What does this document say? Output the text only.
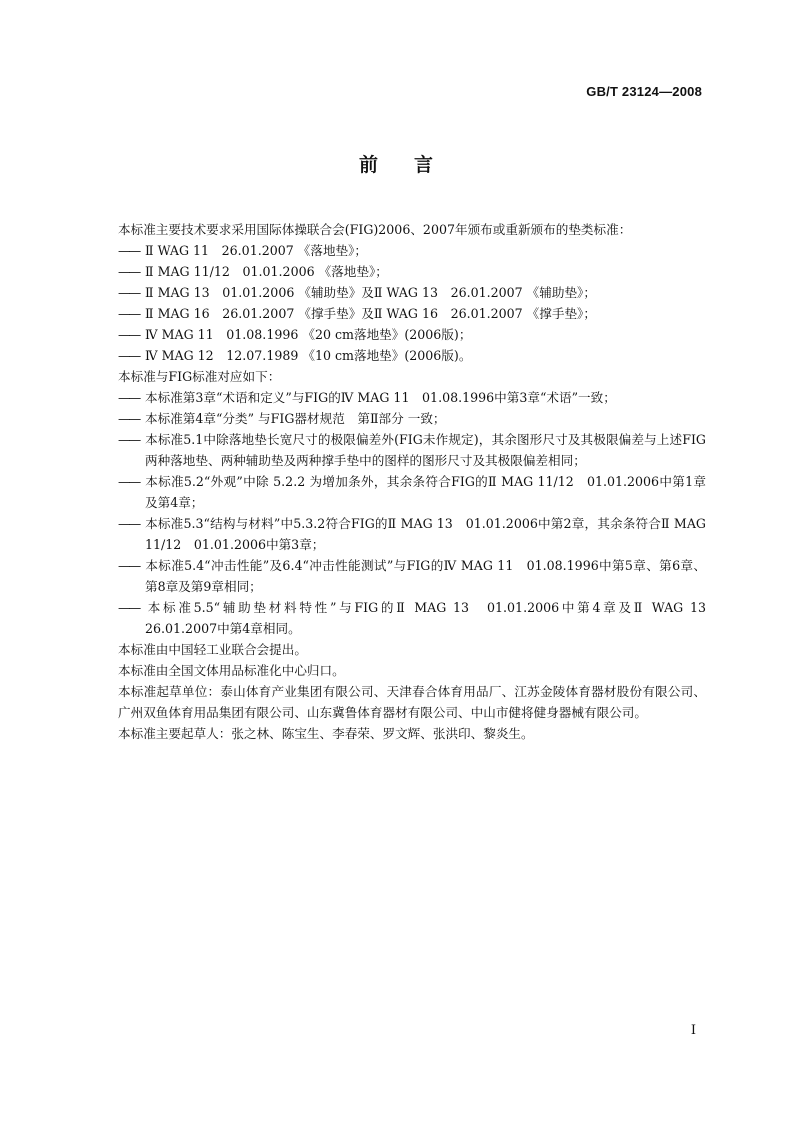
GB/T 23124—2008

前 言

本标准主要技术要求采用国际体操联合会(FIG)2006、2007年颁布或重新颁布的垫类标准：

—— Ⅱ WAG 11　26.01.2007 《落地垫》；

—— Ⅱ MAG 11/12　01.01.2006 《落地垫》；

—— Ⅱ MAG 13　01.01.2006 《辅助垫》及Ⅱ WAG 13　26.01.2007 《辅助垫》；

—— Ⅱ MAG 16　26.01.2007 《撑手垫》及Ⅱ WAG 16　26.01.2007 《撑手垫》；

—— Ⅳ MAG 11　01.08.1996 《20 cm落地垫》(2006版)；

—— Ⅳ MAG 12　12.07.1989 《10 cm落地垫》(2006版)。

本标准与FIG标准对应如下：

—— 本标准第3章“术语和定义”与FIG的Ⅳ MAG 11　01.08.1996中第3章“术语”一致；

—— 本标准第4章“分类” 与FIG器材规范　第Ⅱ部分 一致；

—— 本标准5.1中除落地垫长宽尺寸的极限偏差外(FIG未作规定)，其余图形尺寸及其极限偏差与上述FIG两种落地垫、两种辅助垫及两种撑手垫中的图样的图形尺寸及其极限偏差相同；

—— 本标准5.2“外观”中除 5.2.2 为增加条外，其余条符合FIG的Ⅱ MAG 11/12　01.01.2006中第1章及第4章；

—— 本标准5.3“结构与材料”中5.3.2符合FIG的Ⅱ MAG 13　01.01.2006中第2章，其余条符合Ⅱ MAG 11/12　01.01.2006中第3章；

—— 本标准5.4“冲击性能”及6.4“冲击性能测试”与FIG的Ⅳ MAG 11　01.08.1996中第5章、第6章、第8章及第9章相同；

—— 本标准5.5“辅助垫材料特性”与FIG的Ⅱ MAG 13　01.01.2006中第4章及Ⅱ WAG 13　26.01.2007中第4章相同。

本标准由中国轻工业联合会提出。

本标准由全国文体用品标准化中心归口。

本标准起草单位：泰山体育产业集团有限公司、天津春合体育用品厂、江苏金陵体育器材股份有限公司、广州双鱼体育用品集团有限公司、山东冀鲁体育器材有限公司、中山市健将健身器械有限公司。

本标准主要起草人：张之林、陈宝生、李春荣、罗文辉、张洪印、黎炎生。

I
